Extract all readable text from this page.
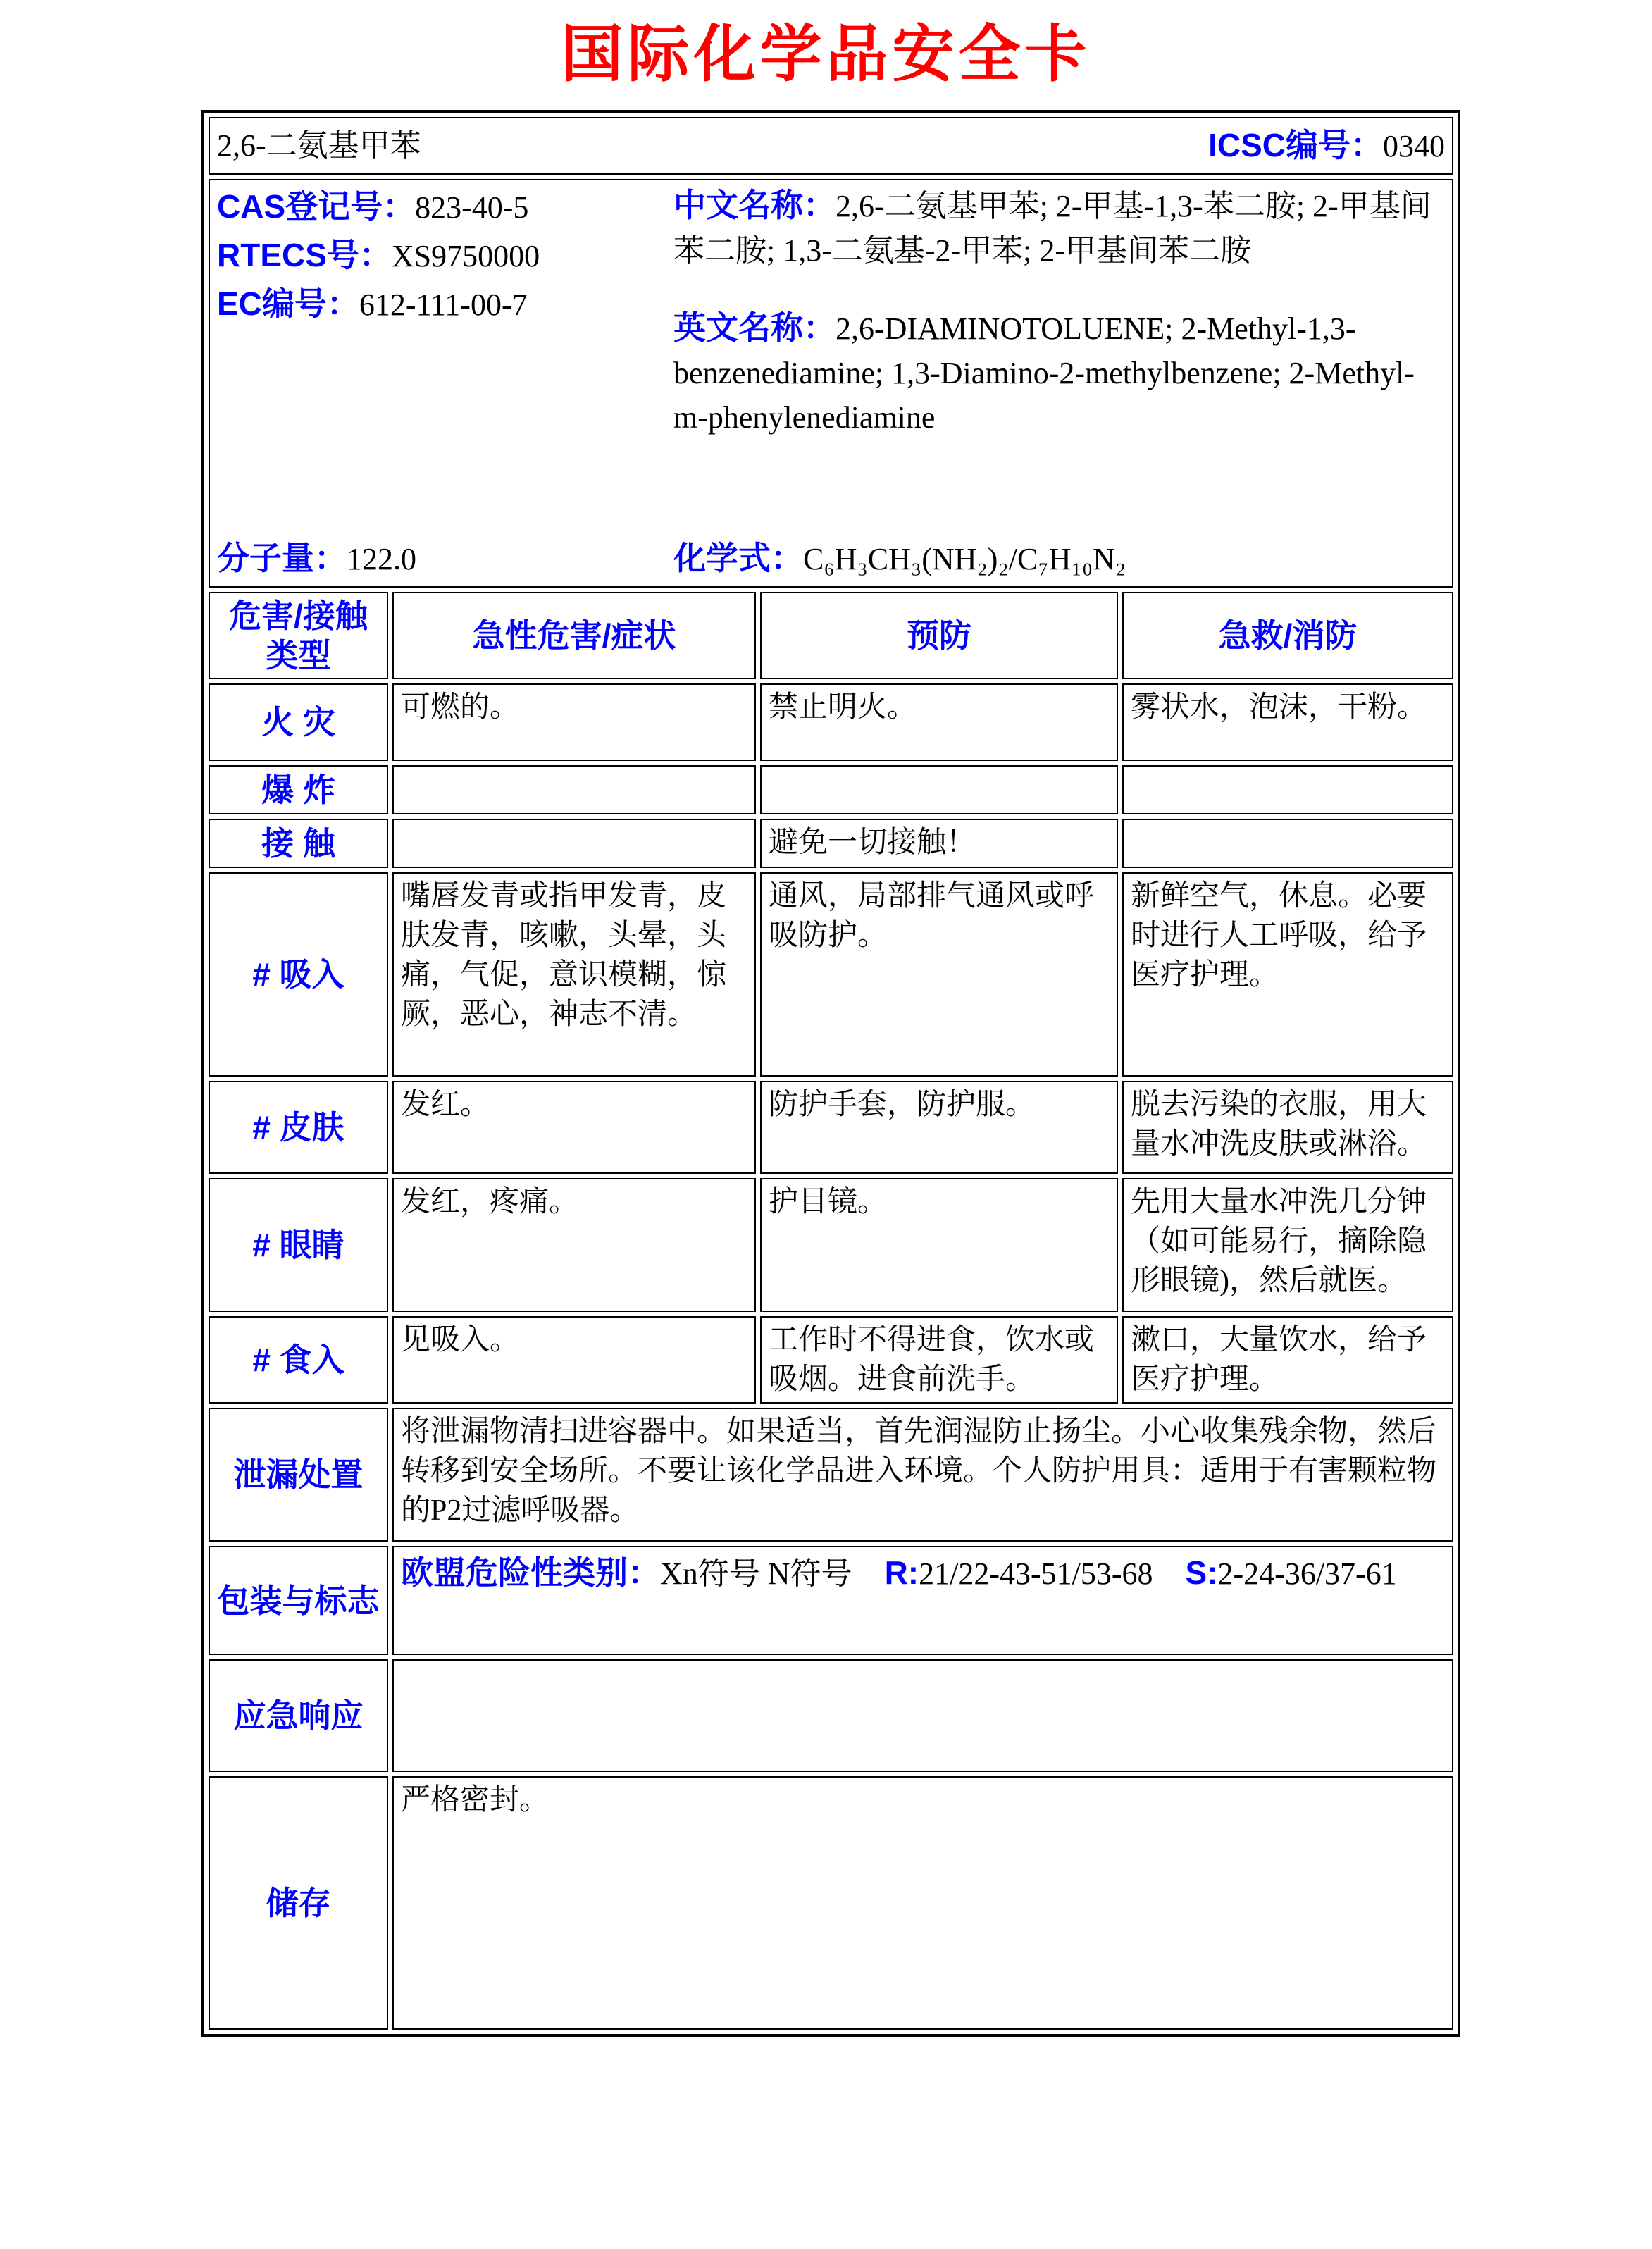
国际化学品安全卡
2,6-二氨基甲苯 ICSC编号：0340			

CAS登记号：823-40-5
RTECS号：XS9750000
EC编号：612-111-00-7
分子量：122.0
中文名称：2,6-二氨基甲苯; 2-甲基-1,3-苯二胺; 2-甲基间苯二胺; 1,3-二氨基-2-甲苯; 2-甲基间苯二胺
英文名称：2,6-DIAMINOTOLUENE; 2-Methyl-1,3-benzenediamine; 1,3-Diamino-2-methylbenzene; 2-Methyl-m-phenylenediamine
化学式：C₆H₃CH₃(NH₂)₂/C₇H₁₀N₂

危害/接触类型	急性危害/症状	预防	急救/消防
火 灾	可燃的。	禁止明火。	雾状水，泡沫，干粉。
爆 炸			
接 触		避免一切接触！	
# 吸入	嘴唇发青或指甲发青，皮肤发青，咳嗽，头晕，头痛，气促，意识模糊，惊厥，恶心，神志不清。	通风，局部排气通风或呼吸防护。	新鲜空气，休息。必要时进行人工呼吸，给予医疗护理。
# 皮肤	发红。	防护手套，防护服。	脱去污染的衣服，用大量水冲洗皮肤或淋浴。
# 眼睛	发红，疼痛。	护目镜。	先用大量水冲洗几分钟（如可能易行，摘除隐形眼镜)，然后就医。
# 食入	见吸入。	工作时不得进食，饮水或吸烟。进食前洗手。	漱口，大量饮水，给予医疗护理。
泄漏处置	将泄漏物清扫进容器中。如果适当，首先润湿防止扬尘。小心收集残余物，然后转移到安全场所。不要让该化学品进入环境。个人防护用具：适用于有害颗粒物的P2过滤呼吸器。		
包装与标志	欧盟危险性类别：Xn符号 N符号 R:21/22-43-51/53-68 S:2-24-36/37-61		

应急响应			
储存	严格密封。		
